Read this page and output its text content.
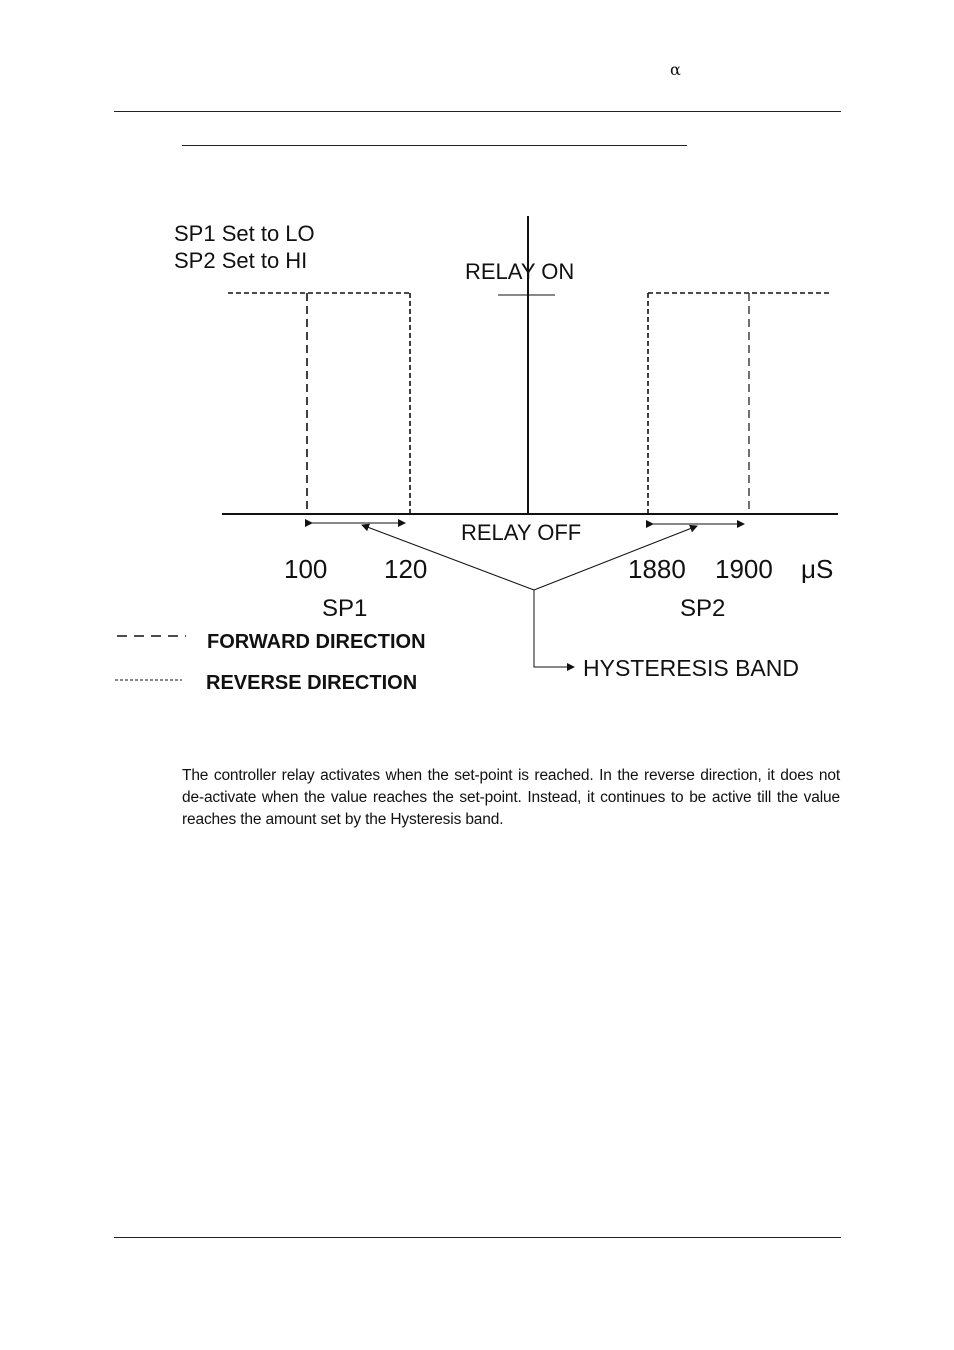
α
SP1 Set to LO
SP2 Set to HI	RELAY ON
RELAY OFF
100 120	1880 1900 μS
SP1	SP2
HYSTERESIS BAND
FORWARD DIRECTION
REVERSE DIRECTION

The controller relay activates when the set-point is reached. In the reverse direction, it does not de-activate when the value reaches the set-point. Instead, it continues to be active till the value reaches the amount set by the Hysteresis band.
